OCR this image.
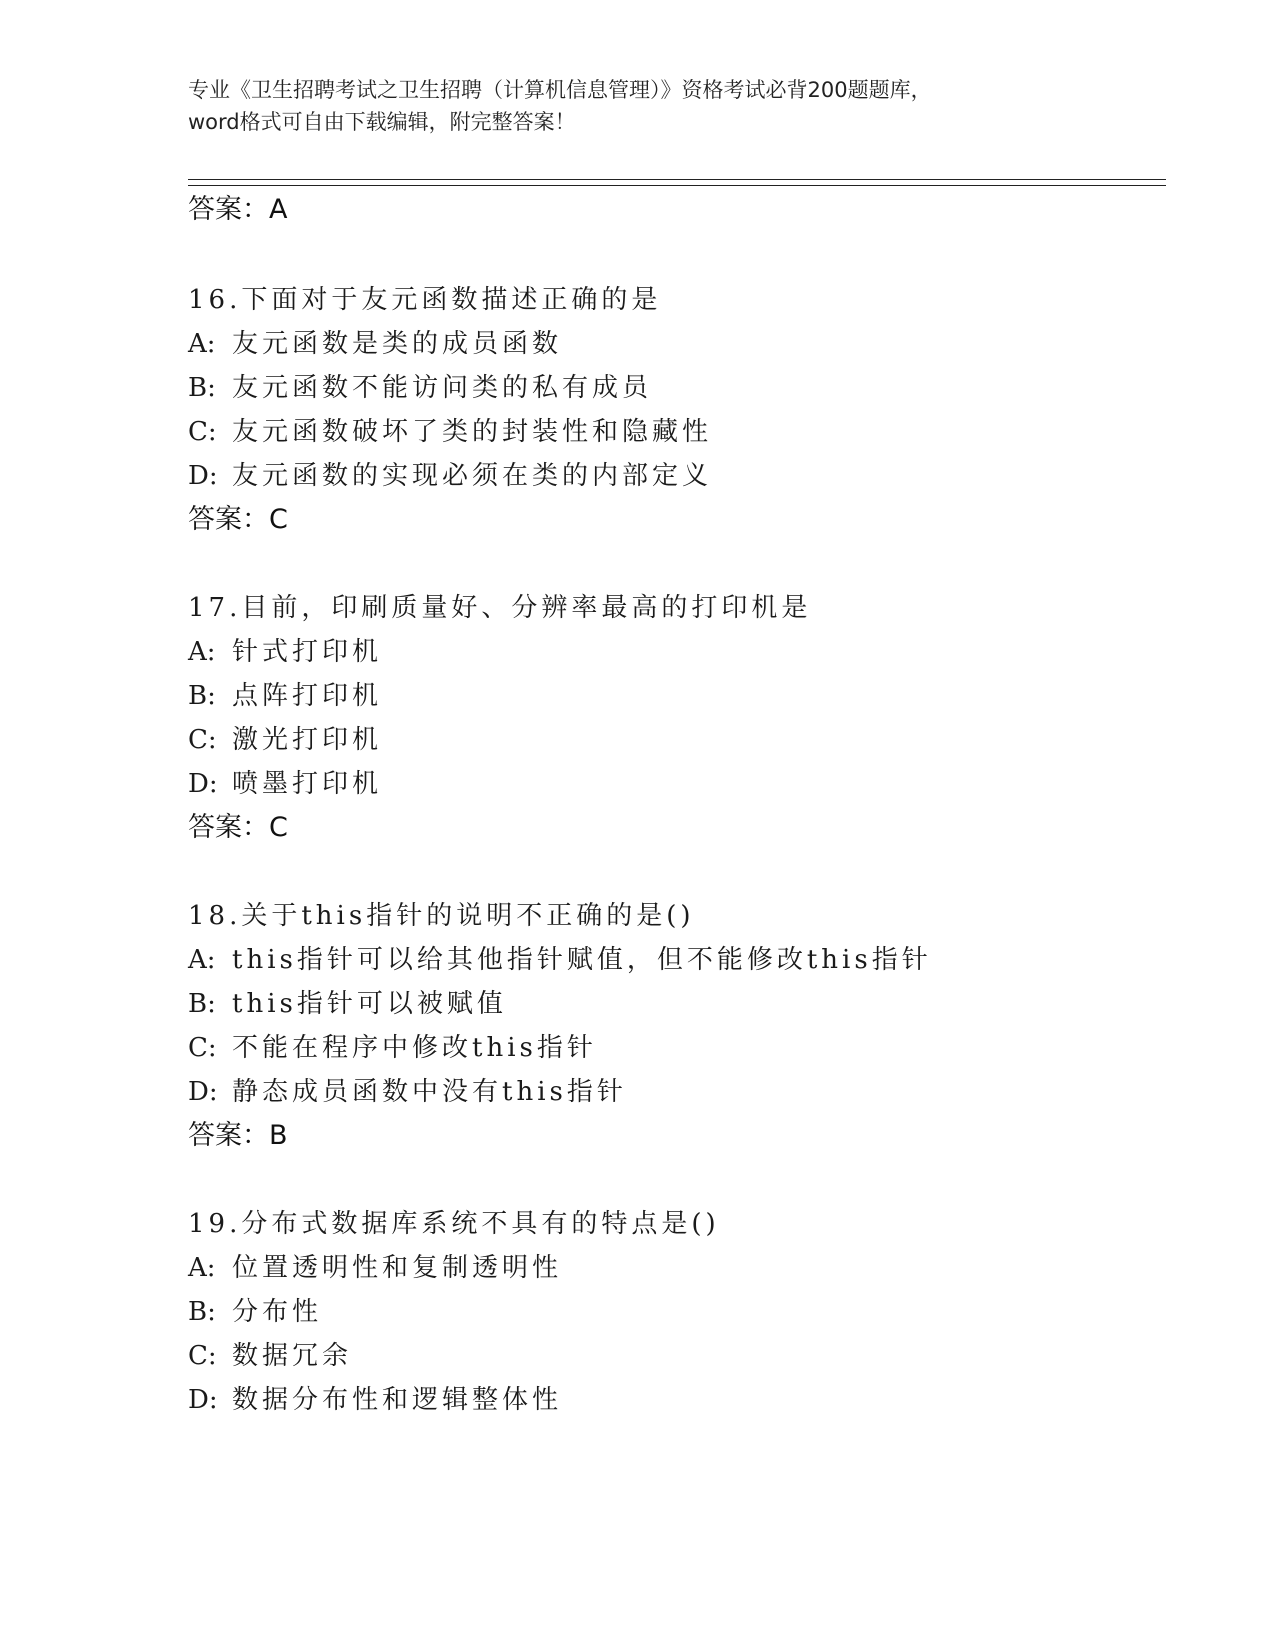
专业《卫生招聘考试之卫生招聘（计算机信息管理）》资格考试必背200题题库，
word格式可自由下载编辑，附完整答案！
答案：A
16.下面对于友元函数描述正确的是
A: 友元函数是类的成员函数
B: 友元函数不能访问类的私有成员
C: 友元函数破坏了类的封装性和隐藏性
D: 友元函数的实现必须在类的内部定义
答案：C
17.目前，印刷质量好、分辨率最高的打印机是
A: 针式打印机
B: 点阵打印机
C: 激光打印机
D: 喷墨打印机
答案：C
18.关于this指针的说明不正确的是()
A: this指针可以给其他指针赋值，但不能修改this指针
B: this指针可以被赋值
C: 不能在程序中修改this指针
D: 静态成员函数中没有this指针
答案：B
19.分布式数据库系统不具有的特点是()
A: 位置透明性和复制透明性
B: 分布性
C: 数据冗余
D: 数据分布性和逻辑整体性
